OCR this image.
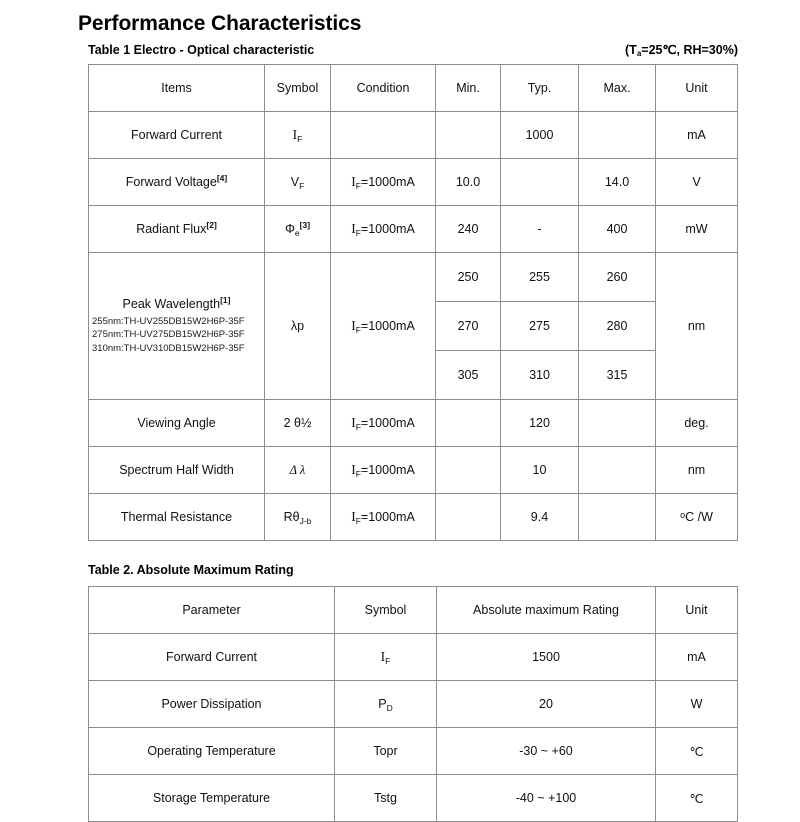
Performance Characteristics
Table 1 Electro - Optical characteristic	($T_a=25℃$, RH=30%)
Items	Symbol	Condition	Min.	Typ.	Max.	Unit
Forward Current	$I_F$			1000		mA
Forward Voltage[4]	$V_F$	$I_F=1000mA$	10.0		14.0	V
Radiant Flux[2]	$\Phi_e[3]$	$I_F=1000mA$	240	-	400	mW

Peak Wavelength[1]
255nm:TH-UV255DB15W2H6P-35F
275nm:TH-UV275DB15W2H6P-35F
310nm:TH-UV310DB15W2H6P-35F	λp	$I_F=1000mA$	250	255	260	nm
			270	275	280	
			305	310	315	
Viewing Angle	2 θ½	$I_F=1000mA$		120		deg.
Spectrum Half Width	Δ λ	$I_F=1000mA$		10		nm
Thermal Resistance	$R\theta_{J-b}$	$I_F=1000mA$		9.4		$^o$C /W
Table 2. Absolute Maximum Rating
Parameter	Symbol	Absolute maximum Rating	Unit
Forward Current	$I_F$	1500	mA
Power Dissipation	$P_D$	20	W
Operating Temperature	Topr	-30 ~ +60	℃
Storage Temperature	Tstg	-40 ~ +100	℃
